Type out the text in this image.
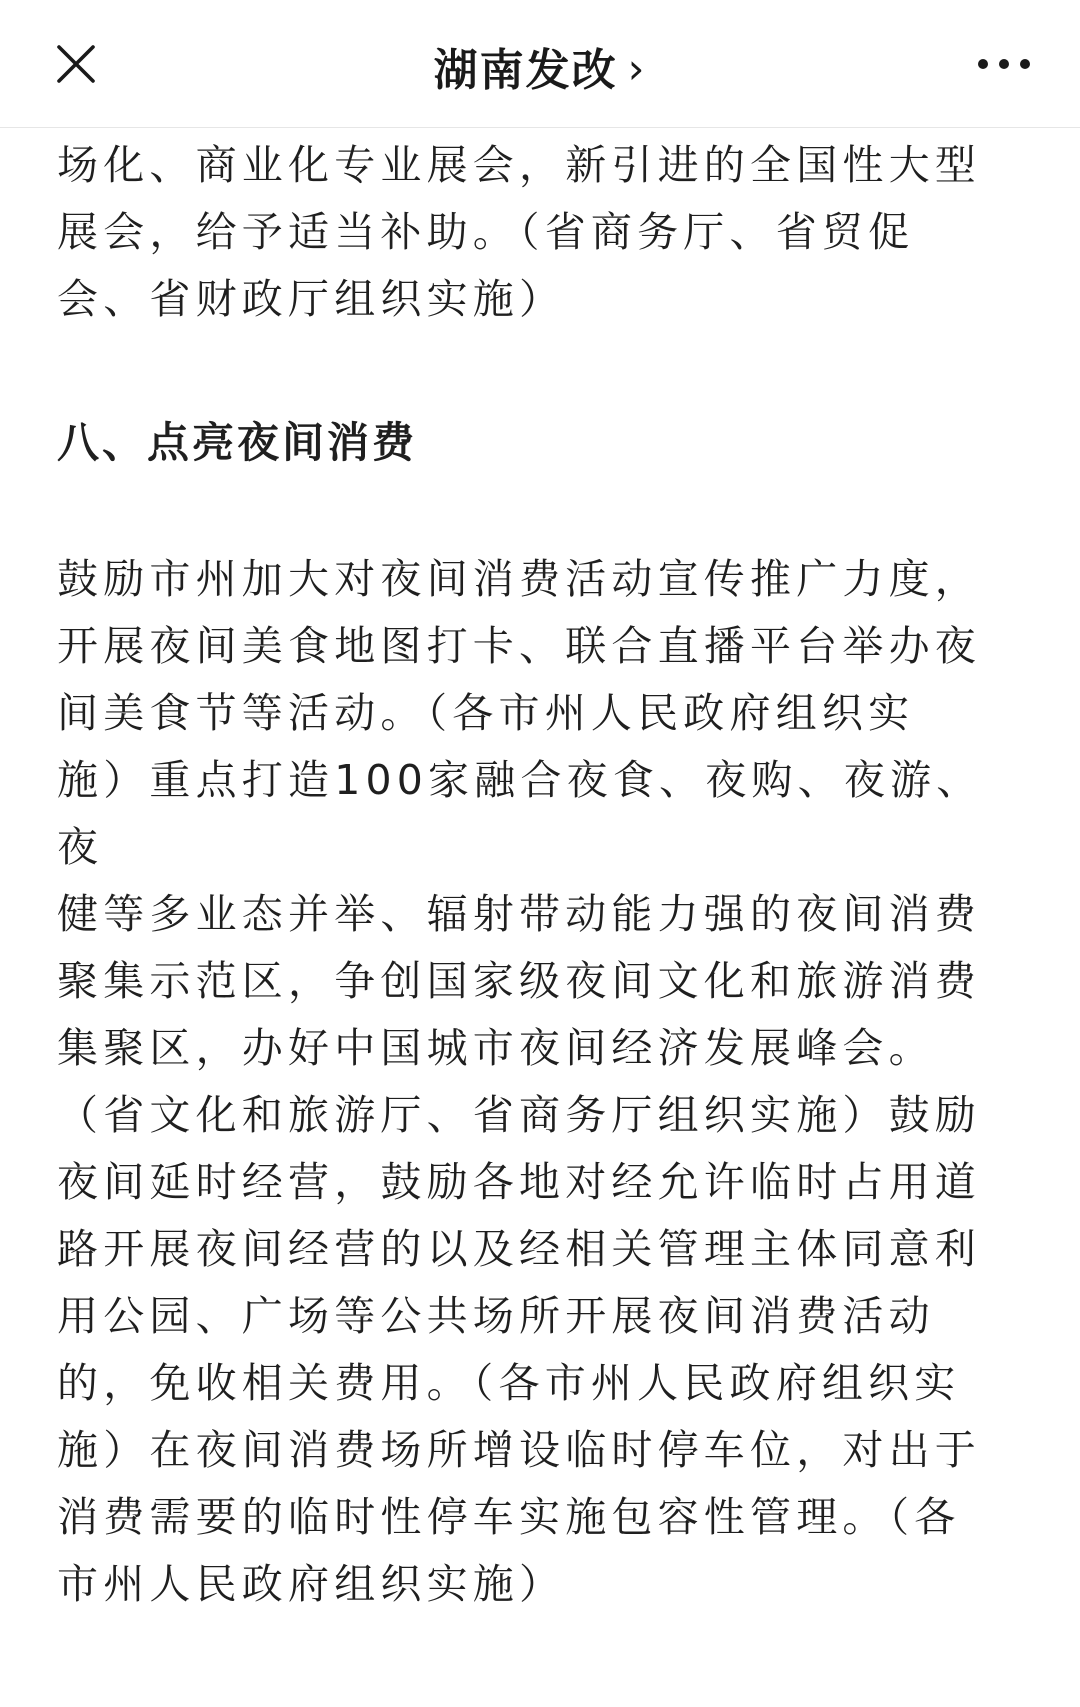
湖南发改 ›

场化、商业化专业展会，新引进的全国性大型
展会，给予适当补助。（省商务厅、省贸促
会、省财政厅组织实施）

八、点亮夜间消费

鼓励市州加大对夜间消费活动宣传推广力度，
开展夜间美食地图打卡、联合直播平台举办夜
间美食节等活动。（各市州人民政府组织实
施）重点打造100家融合夜食、夜购、夜游、夜
健等多业态并举、辐射带动能力强的夜间消费
聚集示范区，争创国家级夜间文化和旅游消费
集聚区，办好中国城市夜间经济发展峰会。
（省文化和旅游厅、省商务厅组织实施）鼓励
夜间延时经营，鼓励各地对经允许临时占用道
路开展夜间经营的以及经相关管理主体同意利
用公园、广场等公共场所开展夜间消费活动
的，免收相关费用。（各市州人民政府组织实
施）在夜间消费场所增设临时停车位，对出于
消费需要的临时性停车实施包容性管理。（各
市州人民政府组织实施）
